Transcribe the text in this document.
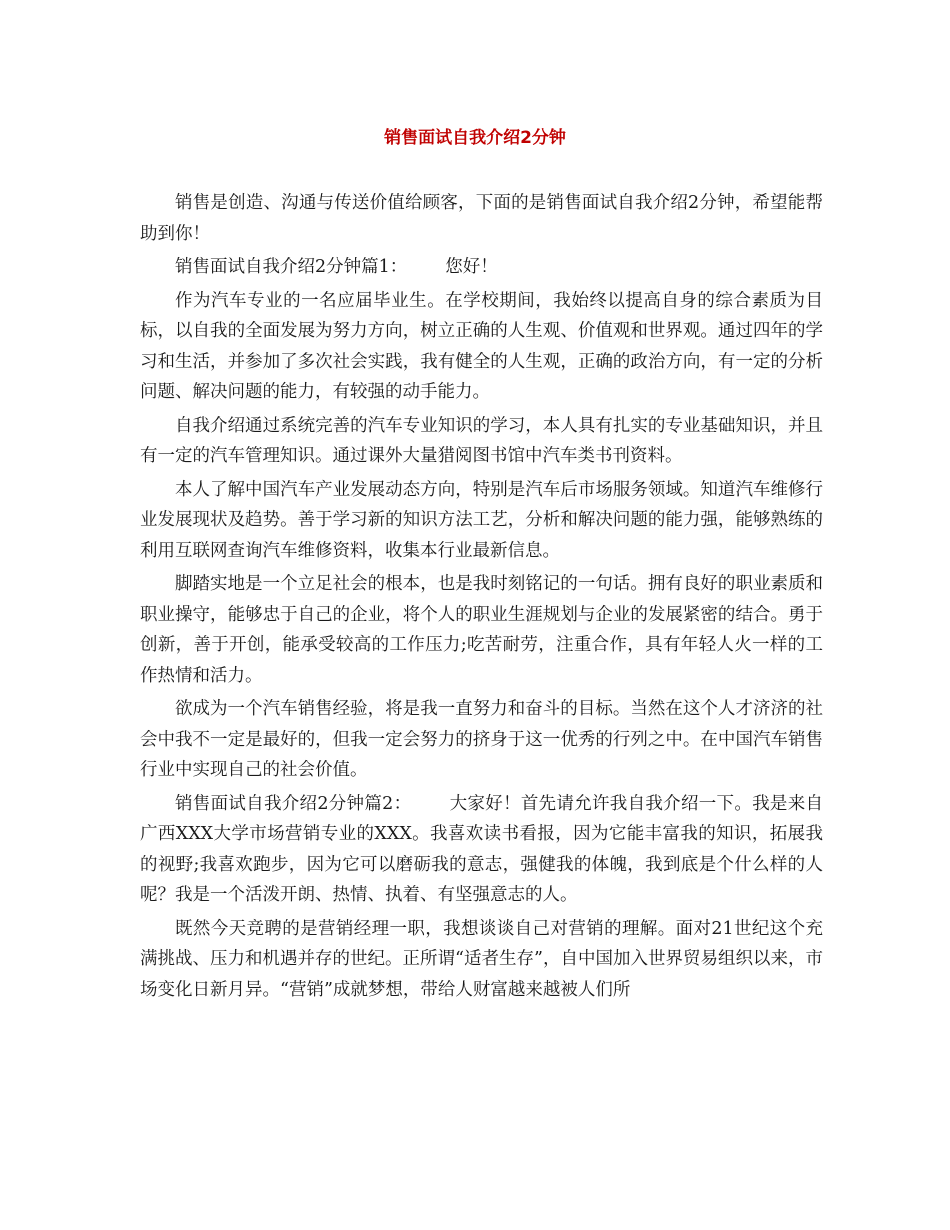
销售面试自我介绍2分钟

销售是创造、沟通与传送价值给顾客，下面的是销售面试自我介绍2分钟，希望能帮助到你！

销售面试自我介绍2分钟篇1： 您好！

作为汽车专业的一名应届毕业生。在学校期间，我始终以提高自身的综合素质为目标，以自我的全面发展为努力方向，树立正确的人生观、价值观和世界观。通过四年的学习和生活，并参加了多次社会实践，我有健全的人生观，正确的政治方向，有一定的分析问题、解决问题的能力，有较强的动手能力。

自我介绍通过系统完善的汽车专业知识的学习，本人具有扎实的专业基础知识，并且有一定的汽车管理知识。通过课外大量猎阅图书馆中汽车类书刊资料。

本人了解中国汽车产业发展动态方向，特别是汽车后市场服务领域。知道汽车维修行业发展现状及趋势。善于学习新的知识方法工艺，分析和解决问题的能力强，能够熟练的利用互联网查询汽车维修资料，收集本行业最新信息。

脚踏实地是一个立足社会的根本，也是我时刻铭记的一句话。拥有良好的职业素质和职业操守，能够忠于自己的企业，将个人的职业生涯规划与企业的发展紧密的结合。勇于创新，善于开创，能承受较高的工作压力;吃苦耐劳，注重合作，具有年轻人火一样的工作热情和活力。

欲成为一个汽车销售经验，将是我一直努力和奋斗的目标。当然在这个人才济济的社会中我不一定是最好的，但我一定会努力的挤身于这一优秀的行列之中。在中国汽车销售行业中实现自己的社会价值。

销售面试自我介绍2分钟篇2： 大家好！首先请允许我自我介绍一下。我是来自广西XXX大学市场营销专业的XXX。我喜欢读书看报，因为它能丰富我的知识，拓展我的视野;我喜欢跑步，因为它可以磨砺我的意志，强健我的体魄，我到底是个什么样的人呢？我是一个活泼开朗、热情、执着、有坚强意志的人。

既然今天竞聘的是营销经理一职，我想谈谈自己对营销的理解。面对21世纪这个充满挑战、压力和机遇并存的世纪。正所谓“适者生存”，自中国加入世界贸易组织以来，市场变化日新月异。“营销”成就梦想，带给人财富越来越被人们所
